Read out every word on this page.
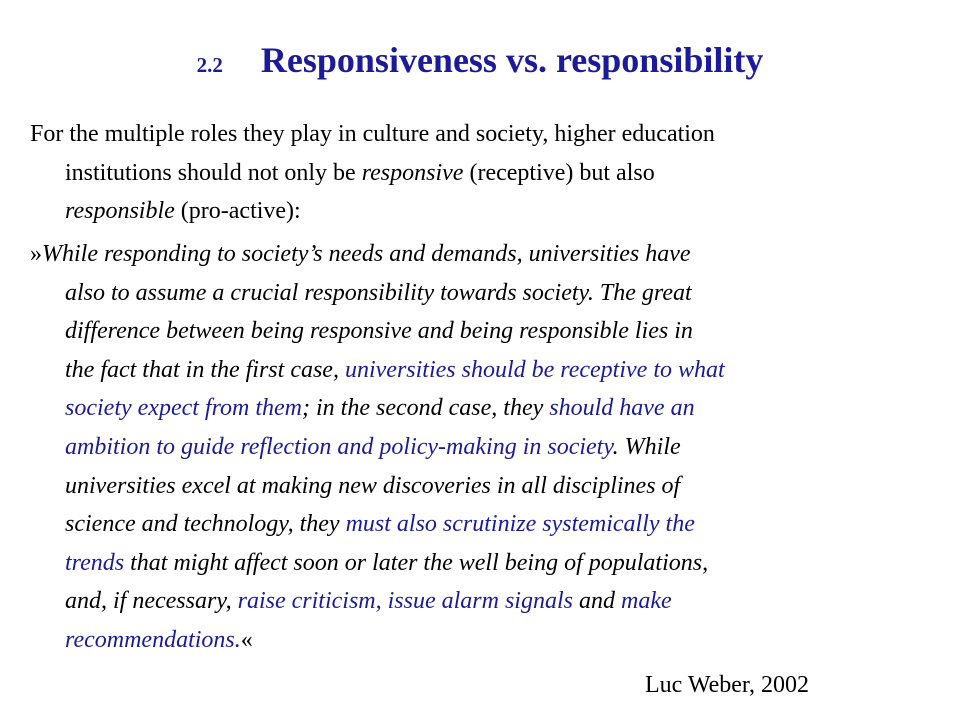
2.2 Responsiveness vs. responsibility
For the multiple roles they play in culture and society, higher education
institutions should not only be responsive (receptive) but also
responsible (pro-active):
»While responding to society’s needs and demands, universities have
also to assume a crucial responsibility towards society. The great
difference between being responsive and being responsible lies in
the fact that in the first case, universities should be receptive to what
society expect from them; in the second case, they should have an
ambition to guide reflection and policy-making in society. While
universities excel at making new discoveries in all disciplines of
science and technology, they must also scrutinize systemically the
trends that might affect soon or later the well being of populations,
and, if necessary, raise criticism, issue alarm signals and make
recommendations.«
Luc Weber, 2002
